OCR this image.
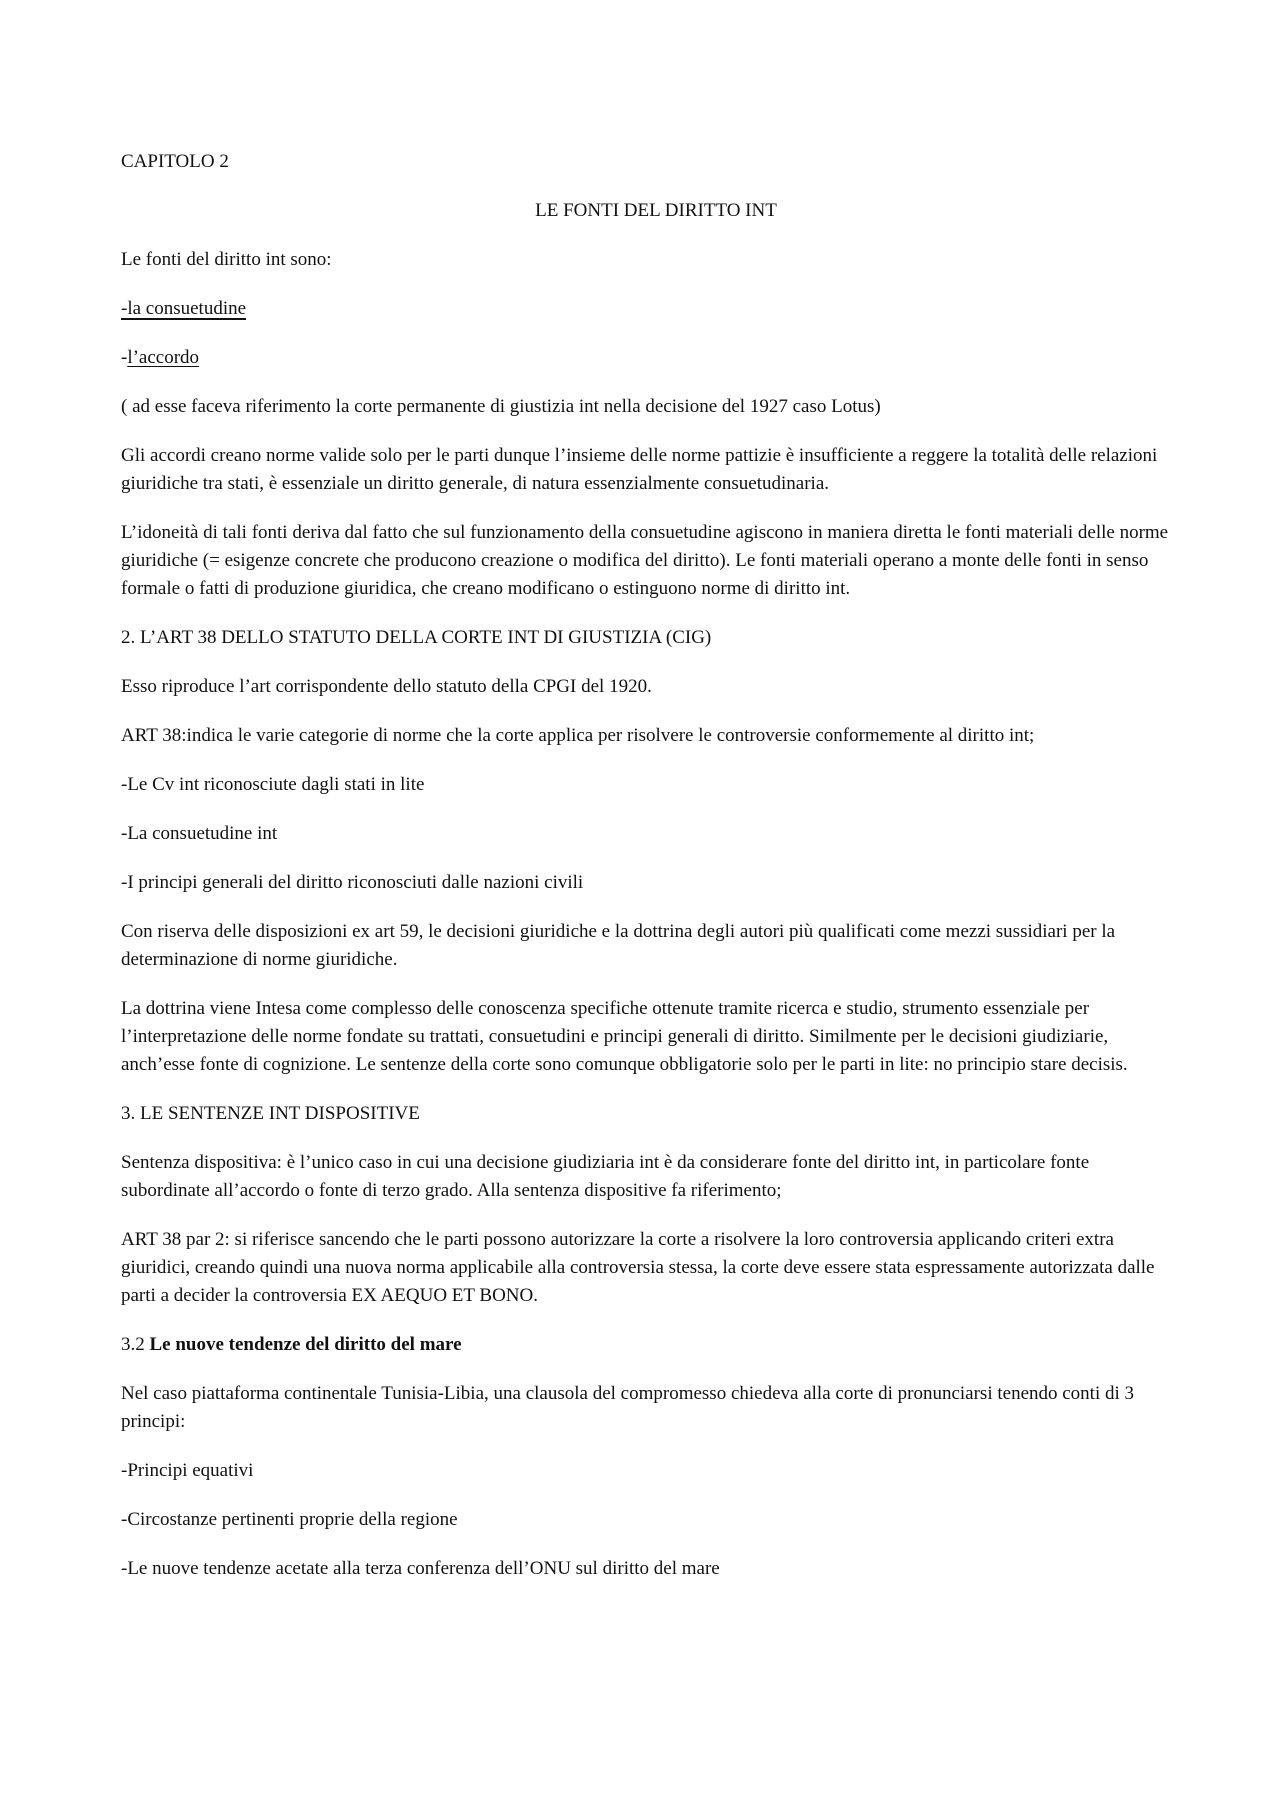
CAPITOLO 2

LE FONTI DEL DIRITTO INT

Le fonti del diritto int sono:

-la consuetudine

-l’accordo

( ad esse faceva riferimento la corte permanente di giustizia int nella decisione del 1927 caso Lotus)

Gli accordi creano norme valide solo per le parti dunque l’insieme delle norme pattizie è insufficiente a reggere la totalità delle relazioni giuridiche tra stati, è essenziale un diritto generale, di natura essenzialmente consuetudinaria.

L’idoneità di tali fonti deriva dal fatto che sul funzionamento della consuetudine agiscono in maniera diretta le fonti materiali delle norme giuridiche (= esigenze concrete che producono creazione o modifica del diritto). Le fonti materiali operano a monte delle fonti in senso formale o fatti di produzione giuridica, che creano modificano o estinguono norme di diritto int.

2. L’ART 38 DELLO STATUTO DELLA CORTE INT DI GIUSTIZIA (CIG)

Esso riproduce l’art corrispondente dello statuto della CPGI del 1920.

ART 38:indica le varie categorie di norme che la corte applica per risolvere le controversie conformemente al diritto int;

-Le Cv int riconosciute dagli stati in lite

-La consuetudine int

-I principi generali del diritto riconosciuti dalle nazioni civili

Con riserva delle disposizioni ex art 59, le decisioni giuridiche e la dottrina degli autori più qualificati come mezzi sussidiari per la determinazione di norme giuridiche.

La dottrina viene Intesa come complesso delle conoscenza specifiche ottenute tramite ricerca e studio, strumento essenziale per l’interpretazione delle norme fondate su trattati, consuetudini e principi generali di diritto. Similmente per le decisioni giudiziarie, anch’esse fonte di cognizione. Le sentenze della corte sono comunque obbligatorie solo per le parti in lite: no principio stare decisis.

3. LE SENTENZE INT DISPOSITIVE

Sentenza dispositiva: è l’unico caso in cui una decisione giudiziaria int è da considerare fonte del diritto int, in particolare fonte subordinate all’accordo o fonte di terzo grado. Alla sentenza dispositive fa riferimento;

ART 38 par 2: si riferisce sancendo che le parti possono autorizzare la corte a risolvere la loro controversia applicando criteri extra giuridici, creando quindi una nuova norma applicabile alla controversia stessa, la corte deve essere stata espressamente autorizzata dalle parti a decider la controversia EX AEQUO ET BONO.

3.2 Le nuove tendenze del diritto del mare

Nel caso piattaforma continentale Tunisia-Libia, una clausola del compromesso chiedeva alla corte di pronunciarsi tenendo conti di 3 principi:

-Principi equativi

-Circostanze pertinenti proprie della regione

-Le nuove tendenze acetate alla terza conferenza dell’ONU sul diritto del mare
